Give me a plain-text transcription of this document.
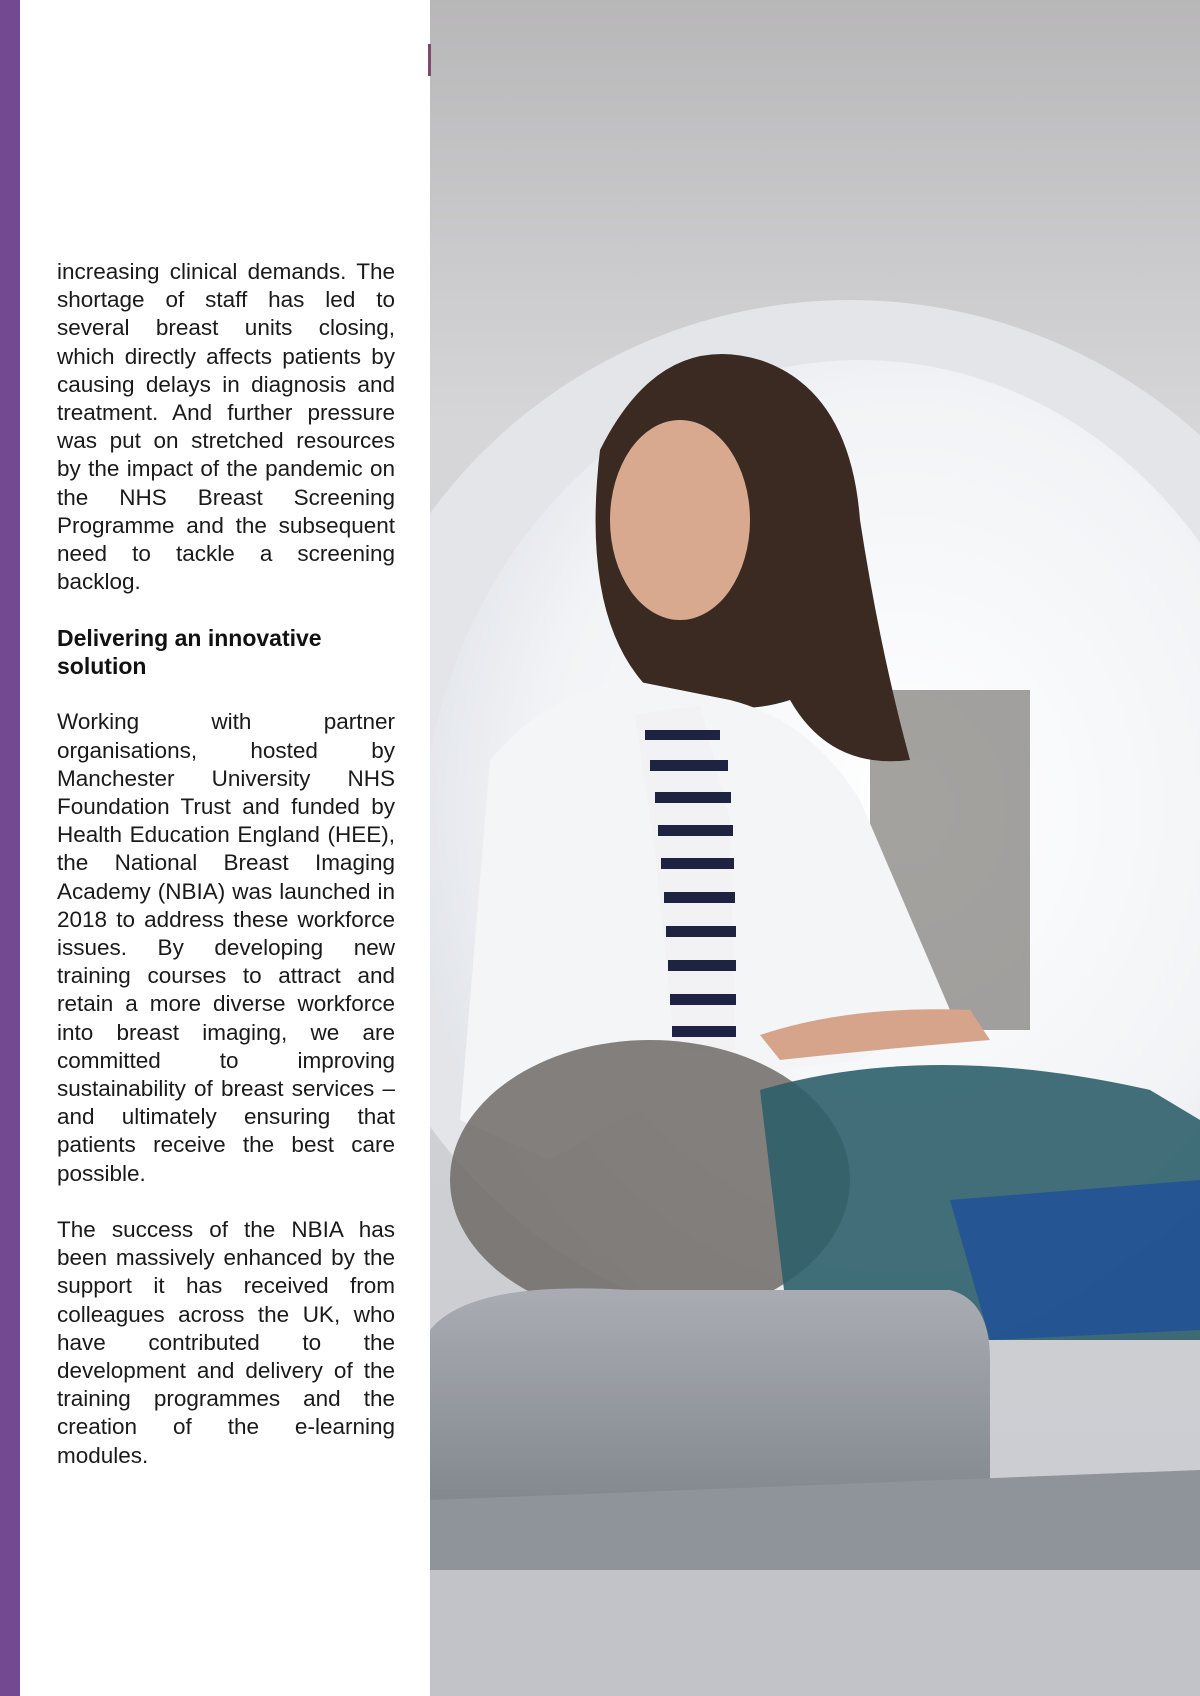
increasing clinical demands. The shortage of staff has led to several breast units closing, which directly affects patients by causing delays in diagnosis and treatment. And further pressure was put on stretched resources by the impact of the pandemic on the NHS Breast Screening Programme and the subsequent need to tackle a screening backlog.

Delivering an innovative solution

Working with partner organisations, hosted by Manchester University NHS Foundation Trust and funded by Health Education England (HEE), the National Breast Imaging Academy (NBIA) was launched in 2018 to address these workforce issues. By developing new training courses to attract and retain a more diverse workforce into breast imaging, we are committed to improving sustainability of breast services – and ultimately ensuring that patients receive the best care possible.

The success of the NBIA has been massively enhanced by the support it has received from colleagues across the UK, who have contributed to the development and delivery of the training programmes and the creation of the e-learning modules.
